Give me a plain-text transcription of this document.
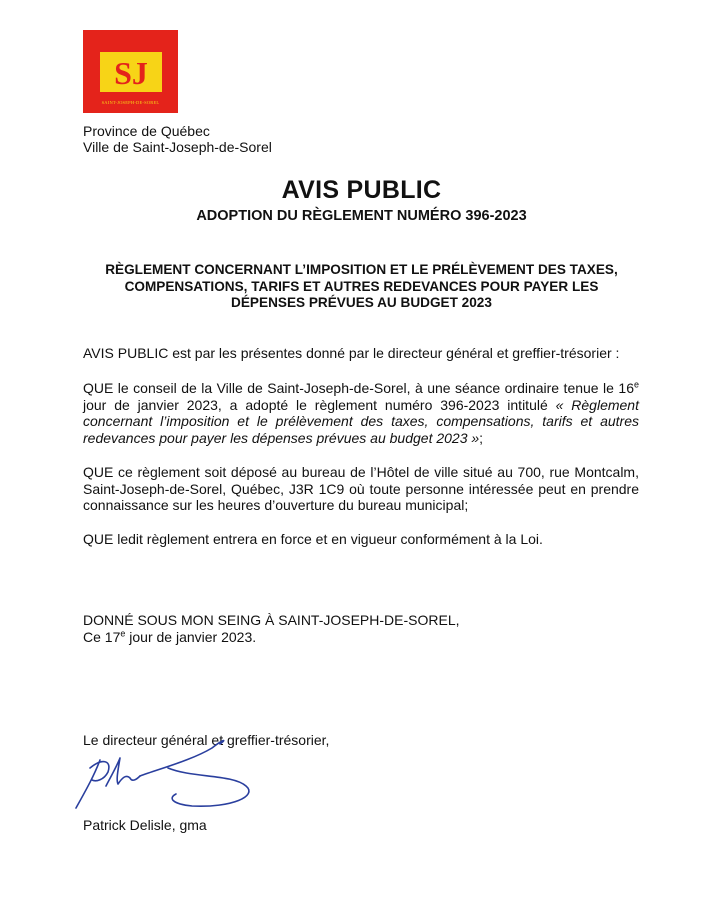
SJ
SAINT-JOSEPH-DE-SOREL
Province de Québec
Ville de Saint-Joseph-de-Sorel
AVIS PUBLIC
ADOPTION DU RÈGLEMENT NUMÉRO 396-2023
RÈGLEMENT CONCERNANT L’IMPOSITION ET LE PRÉLÈVEMENT DES TAXES,
COMPENSATIONS, TARIFS ET AUTRES REDEVANCES POUR PAYER LES
DÉPENSES PRÉVUES AU BUDGET 2023
AVIS PUBLIC est par les présentes donné par le directeur général et greffier-trésorier :
QUE le conseil de la Ville de Saint-Joseph-de-Sorel, à une séance ordinaire tenue le 16e jour de janvier 2023, a adopté le règlement numéro 396-2023 intitulé « Règlement concernant l’imposition et le prélèvement des taxes, compensations, tarifs et autres redevances pour payer les dépenses prévues au budget 2023 »;
QUE ce règlement soit déposé au bureau de l’Hôtel de ville situé au 700, rue Montcalm, Saint-Joseph-de-Sorel, Québec, J3R 1C9 où toute personne intéressée peut en prendre connaissance sur les heures d’ouverture du bureau municipal;
QUE ledit règlement entrera en force et en vigueur conformément à la Loi.
DONNÉ SOUS MON SEING À SAINT-JOSEPH-DE-SOREL,
Ce 17e jour de janvier 2023.
Le directeur général et greffier-trésorier,
Patrick Delisle, gma
